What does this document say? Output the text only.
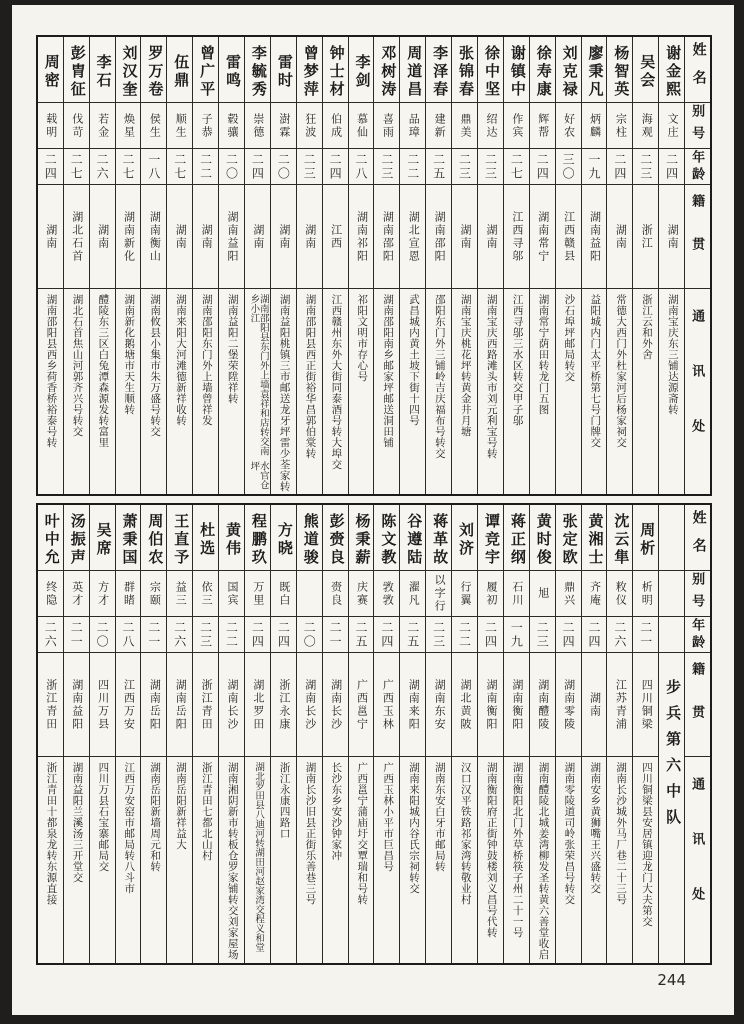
姓名
别号
年龄
籍贯
通讯处
谢金熙
文庄
二四
湖南
湖南宝庆东三铺达源斋转
吴会
海观
二三
浙江
浙江云和外舍
杨智英
宗柱
二四
湖南
常德大西门外杜家河后杨家祠交
廖秉凡
炳麟
一九
湖南益阳
益阳城内门太平桥第七号门牌交
刘克禄
好农
三〇
江西赣县
沙石埠坪邮局转交
徐寿康
辉帮
二四
湖南常宁
湖南常宁荫田转龙门五图
谢镇中
作宾
二七
江西寻邬
江西寻邬三水区转交甲子邬
徐中坚
绍达
二三
湖南
湖南宝庆西路滩头市刘元利宝号转
张锦春
鼎美
二三
湖南
湖南宝庆桃花坪转黄金井月塘
李泽春
建新
二五
湖南邵阳
邵阳东门外三铺岭吉庆福布号转交
周道昌
品璋
二二
湖北宣恩
武昌城内黄土坡下街十四号
邓树涛
喜雨
二三
湖南邵阳
湖南邵阳南乡邮家坪邮送洞田铺
李剑
慕仙
二八
湖南祁阳
祁阳文明市存心号
钟士材
伯成
二四
江西
江西赣州东外大街同泰酒号转大埠交
曾梦萍
狂波
二三
湖南
湖南邵阳县西正街裕华昌郭伯棠转
雷时
澍霖
二〇
湖南
湖南益阳桃镇三市邮送龙牙坪雷少荃家转
李毓秀
崇德
二四
湖南
湖南邵阳县东门外上墙袁祥和店转交南乡小江
水官仓坪
雷鸣
毂骧
二〇
湖南益阳
湖南益阳二堡荣陞祥转
曾广平
子恭
二二
湖南
湖南邵阳东门外上墙曾祥发
伍鼎
顺生
二七
湖南
湖南来阳大河滩德新祥收转
罗万卷
侯生
一八
湖南衡山
湖南攸县小集市朱万盛号转交
刘汉奎
焕星
二七
湖南新化
湖南新化鹅塘市天生顺转
李石
若金
二六
湖南
醴陵东三区白兔潭森源发转富里
彭胄征
伐苛
二七
湖北石首
湖北石首焦山河郭齐兴号转交
周密
载明
二四
湖南
湖南邵阳县西乡荷香桥裕泰号转
姓名
别号
年龄
籍贯
通讯处
步兵第六中队
周析
析明
二一
四川铜梁
四川铜梁县安居镇迎龙门大夫第交
沈云隼
敉仪
二六
江苏青浦
湖南长沙城外马厂巷二十三号
黄湘士
齐庵
二四
湖南
湖南安乡黄狮嘴王兴盛转交
张定欧
鼎兴
二四
湖南零陵
湖南零陵道司岭张荣昌号转交
黄时俊
旭
二三
湖南醴陵
湖南醴陵北城姜湾柳发圣转黄六善堂收启
蒋正纲
石川
一九
湖南衡阳
湖南衡阳北门外草桥筷子州二十一号
谭竞宇
履初
二四
湖南衡阳
湖南衡阳府正街钟鼓楼刘义昌号代转
刘济
行翼
二二
湖北黄陂
汉口汉平铁路祁家湾转敬业村
蒋革故
以字行
二三
湖南东安
湖南东安白牙市邮局转
谷遵陆
濯凡
二五
湖南来阳
湖南来阳城内谷氏宗祠转交
陈文教
敩敩
二四
广西玉林
广西玉林小平市巨昌号
杨秉薪
庆赛
二五
广西邕宁
广西邕宁蒲庙圩交覃瑞和号转
彭赍良
赍良
二一
湖南长沙
长沙东乡安沙钟家冲
熊道骏
二〇
湖南长沙
湖南长沙旧县正街乐善巷三号
方晓
既白
二四
浙江永康
浙江永康四路口
程鹏玖
万里
二四
湖北罗田
湖北罗田县八迪河转湖田河
赵家湾交程义和堂
黄伟
国宾
二二
湖南长沙
湖南湘阴新市转板仓罗家铺转交刘家屋场
杜选
依三
二三
浙江青田
浙江青田七都北山村
王直予
益三
二六
湖南岳阳
湖南岳阳新祥益大
周伯农
宗颐
二一
湖南岳阳
湖南岳阳新墙周元和转
萧秉国
群睹
二八
江西万安
江西万安窑市邮局转八斗市
吴席
方才
二〇
四川万县
四川万县石宝寨邮局交
汤振声
英才
二一
湖南益阳
湖南益阳兰溪汤三开堂交
叶中允
终隐
二六
浙江青田
浙江青田十都泉龙转东源直接
244
